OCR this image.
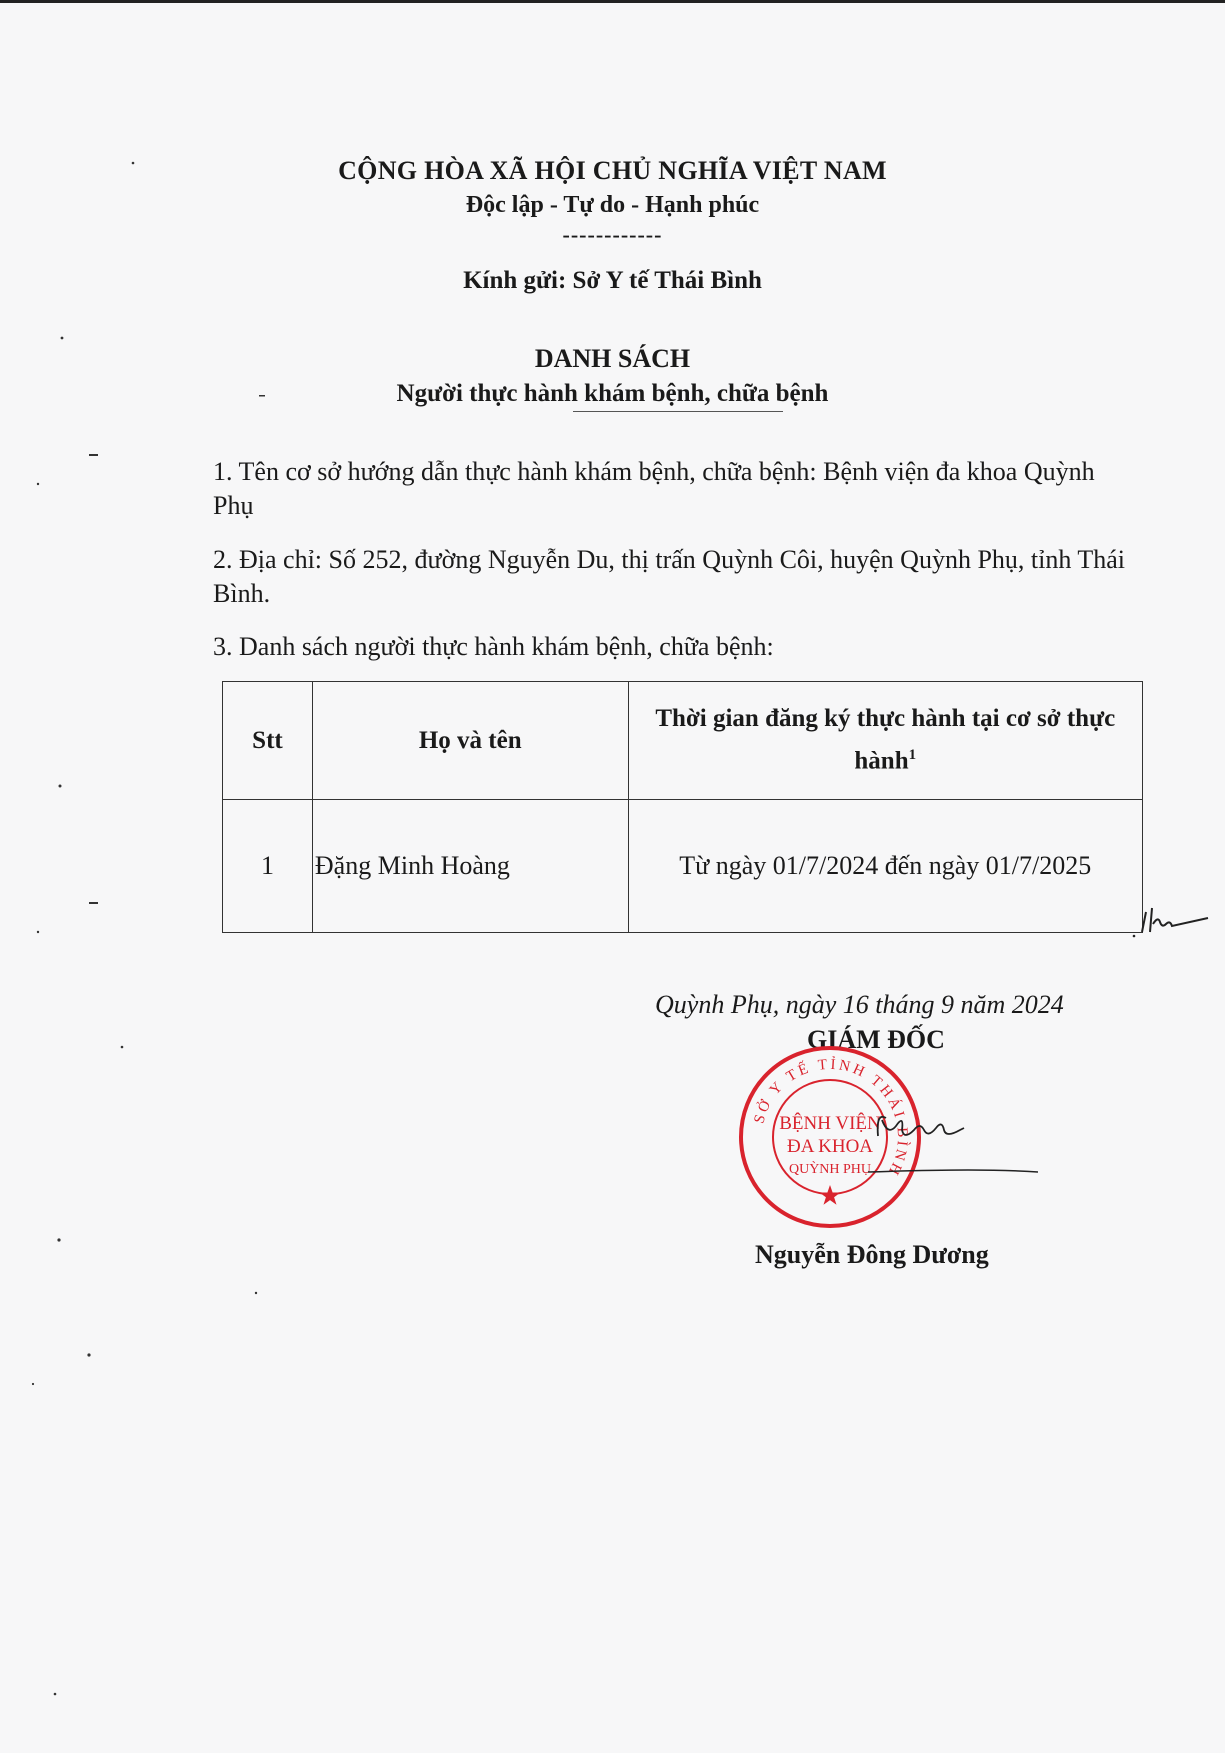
CỘNG HÒA XÃ HỘI CHỦ NGHĨA VIỆT NAM
Độc lập - Tự do - Hạnh phúc
------------
Kính gửi: Sở Y tế Thái Bình
DANH SÁCH
Người thực hành khám bệnh, chữa bệnh
1. Tên cơ sở hướng dẫn thực hành khám bệnh, chữa bệnh: Bệnh viện đa khoa Quỳnh Phụ
2. Địa chỉ: Số 252, đường Nguyễn Du, thị trấn Quỳnh Côi, huyện Quỳnh Phụ, tỉnh Thái Bình.
3. Danh sách người thực hành khám bệnh, chữa bệnh:
Stt	Họ và tên	Thời gian đăng ký thực hành tại cơ sở thực hành$^1$
1	Đặng Minh Hoàng	Từ ngày 01/7/2024 đến ngày 01/7/2025
Quỳnh Phụ, ngày 16 tháng 9 năm 2024
GIÁM ĐỐC
SỞ Y TẾ TỈNH THÁI BÌNH
BỆNH VIỆN
ĐA KHOA
QUỲNH PHỤ
Nguyễn Đông Dương
